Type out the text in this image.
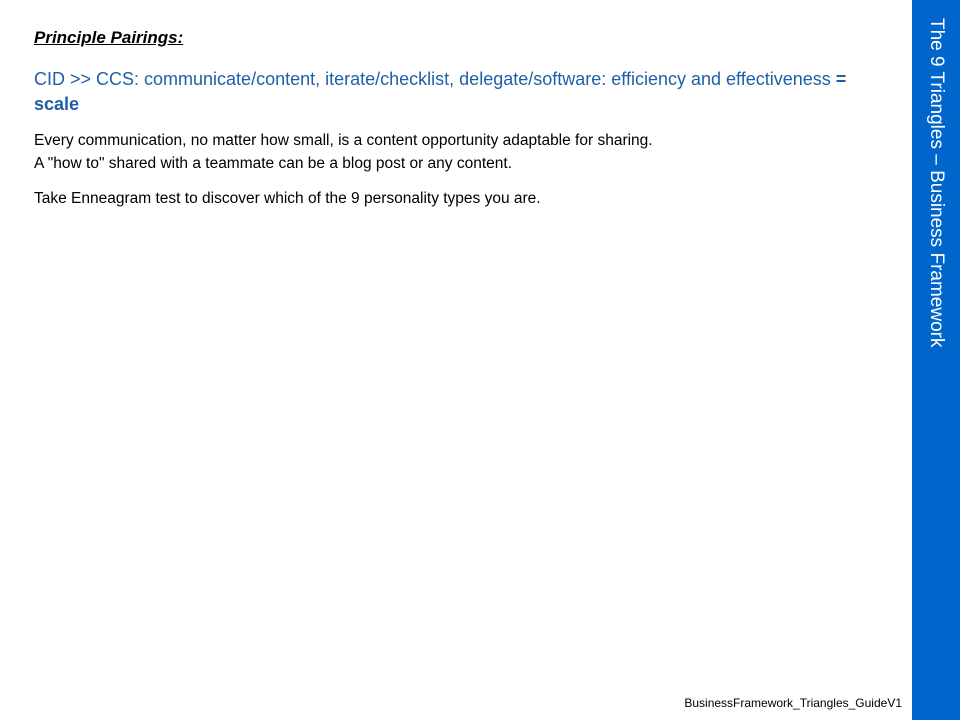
Principle Pairings:

CID >> CCS: communicate/content, iterate/checklist, delegate/software: efficiency and effectiveness = scale
Every communication, no matter how small, is a content opportunity adaptable for sharing.
A "how to" shared with a teammate can be a blog post or any content.
Take Enneagram test to discover which of the 9 personality types you are.	The 9 Triangles – Business Framework
BusinessFramework_Triangles_GuideV1
